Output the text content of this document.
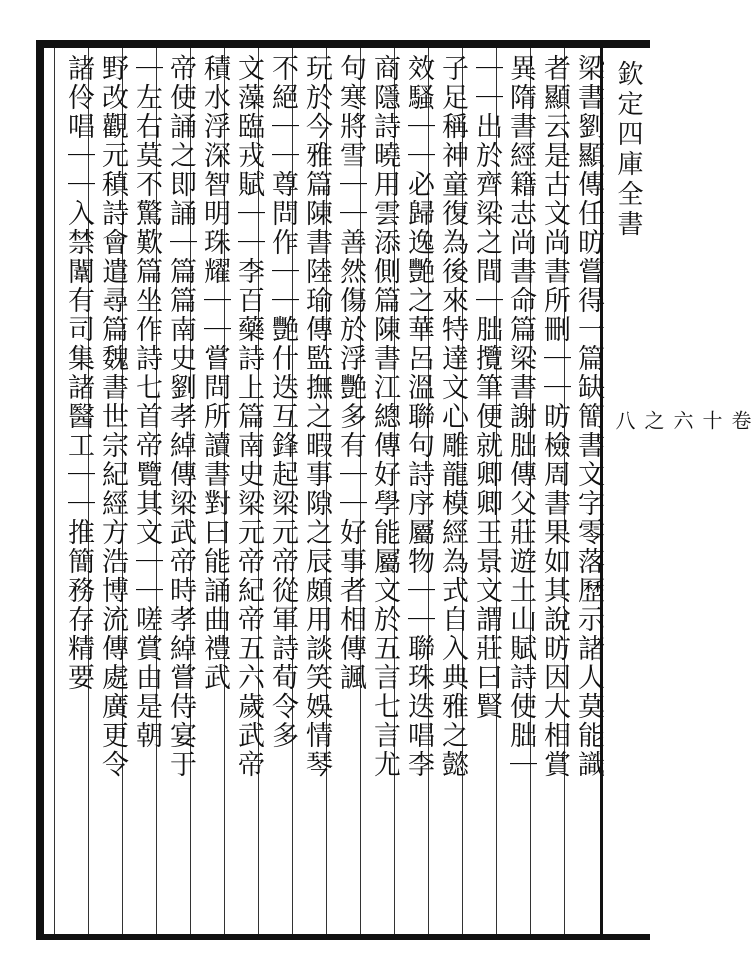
欽定四庫全書
卷十六之八
梁書劉顯傳任昉嘗得一篇缺簡書文字零落歷示諸人莫能識
者顯云是古文尚書所刪｜｜昉檢周書果如其說昉因大相賞
異隋書經籍志尚書命篇梁書謝朏傳父莊遊土山賦詩使朏｜
｜｜出於齊梁之間｜朏攬筆便就卿卿王景文謂莊曰賢
子足稱神童復為後來特達文心雕龍模經為式自入典雅之懿
效騷｜｜必歸逸艷之華呂溫聯句詩序屬物｜｜聯珠迭唱李
商隱詩曉用雲添側篇陳書江總傳好學能屬文於五言七言尤
句寒將雪｜｜善然傷於浮艷多有｜｜好事者相傳諷
玩於今雅篇陳書陸瑜傳監撫之暇事隙之辰頗用談笑娛情琴
不絕｜｜尊問作｜｜艷什迭互鋒起梁元帝從軍詩荀令多
文藻臨戎賦｜｜李百藥詩上篇南史梁元帝紀帝五六歲武帝
積水浮深智明珠耀｜｜嘗問所讀書對曰能誦曲禮武
帝使誦之即誦｜篇篇南史劉孝綽傳梁武帝時孝綽嘗侍宴于
｜左右莫不驚歎篇坐作詩七首帝覽其文｜｜嗟賞由是朝
野改觀元稹詩會遣尋篇魏書世宗紀經方浩博流傳處廣更令
諸伶唱｜｜入禁闈有司集諸醫工｜｜推簡務存精要
